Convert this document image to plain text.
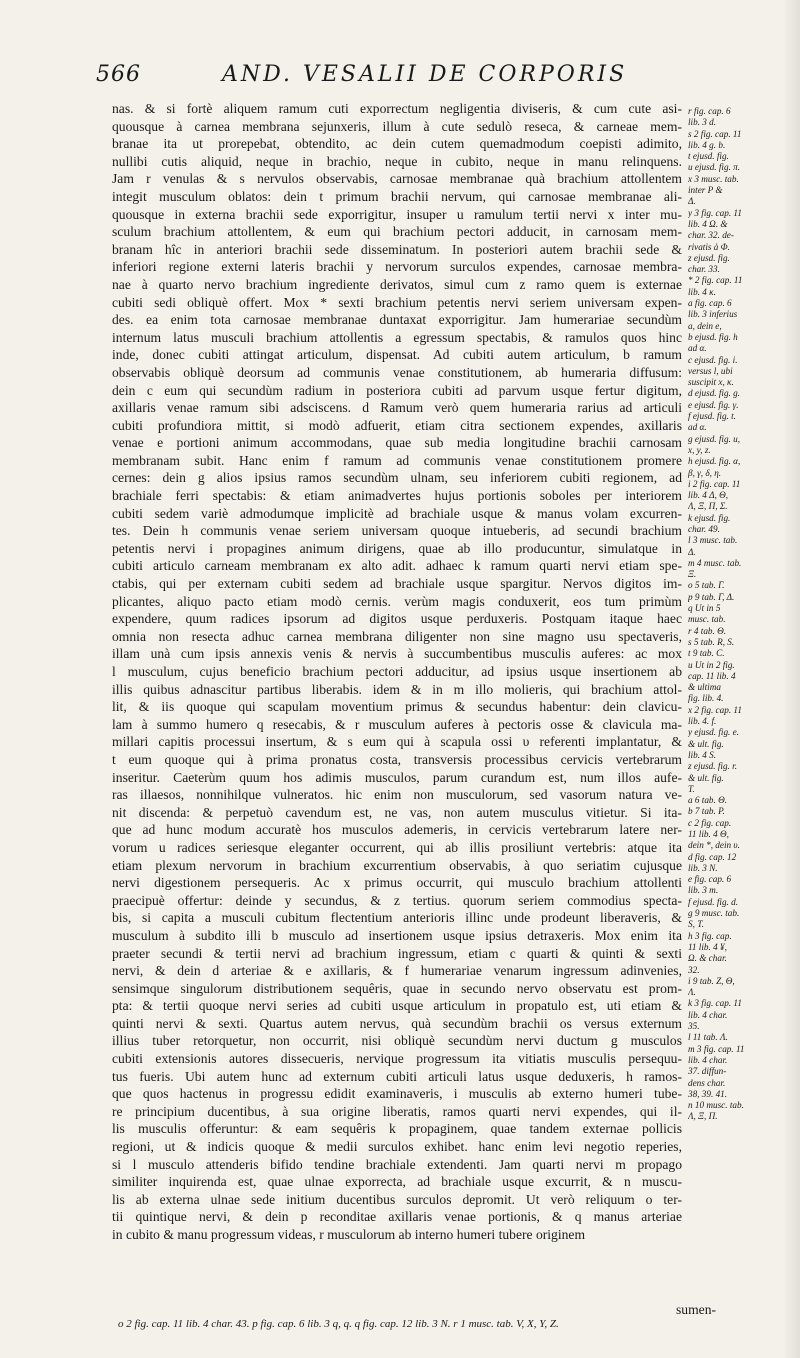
566	AND. VESALII DE CORPORIS
nas. & si fortè aliquem ramum cuti exporrectum negligentia diviseris, & cum cute asi-
quousque à carnea membrana sejunxeris, illum à cute sedulò reseca, & carneae mem-
branae ita ut prorepebat, obtendito, ac dein cutem quemadmodum coepisti adimito,
nullibi cutis aliquid, neque in brachio, neque in cubito, neque in manu relinquens.
Jam r venulas & s nervulos observabis, carnosae membranae quà brachium attollentem
integit musculum oblatos: dein t primum brachii nervum, qui carnosae membranae ali-
quousque in externa brachii sede exporrigitur, insuper u ramulum tertii nervi x inter mu-
sculum brachium attollentem, & eum qui brachium pectori adducit, in carnosam mem-
branam hîc in anteriori brachii sede disseminatum. In posteriori autem brachii sede &
inferiori regione externi lateris brachii y nervorum surculos expendes, carnosae membra-
nae à quarto nervo brachium ingrediente derivatos, simul cum z ramo quem is externae
cubiti sedi obliquè offert. Mox * sexti brachium petentis nervi seriem universam expen-
des. ea enim tota carnosae membranae duntaxat exporrigitur. Jam humerariae secundùm
internum latus musculi brachium attollentis a egressum spectabis, & ramulos quos hinc
inde, donec cubiti attingat articulum, dispensat. Ad cubiti autem articulum, b ramum
observabis obliquè deorsum ad communis venae constitutionem, ab humeraria diffusum:
dein c eum qui secundùm radium in posteriora cubiti ad parvum usque fertur digitum,
axillaris venae ramum sibi adsciscens. d Ramum verò quem humeraria rarius ad articuli
cubiti profundiora mittit, si modò adfuerit, etiam citra sectionem expendes, axillaris
venae e portioni animum accommodans, quae sub media longitudine brachii carnosam
membranam subit. Hanc enim f ramum ad communis venae constitutionem promere
cernes: dein g alios ipsius ramos secundùm ulnam, seu inferiorem cubiti regionem, ad
brachiale ferri spectabis: & etiam animadvertes hujus portionis soboles per interiorem
cubiti sedem variè admodumque implicitè ad brachiale usque & manus volam excurren-
tes. Dein h communis venae seriem universam quoque intueberis, ad secundi brachium
petentis nervi i propagines animum dirigens, quae ab illo producuntur, simulatque in
cubiti articulo carneam membranam ex alto adit. adhaec k ramum quarti nervi etiam spe-
ctabis, qui per externam cubiti sedem ad brachiale usque spargitur. Nervos digitos im-
plicantes, aliquo pacto etiam modò cernis. verùm magis conduxerit, eos tum primùm
expendere, quum radices ipsorum ad digitos usque perduxeris. Postquam itaque haec
omnia non resecta adhuc carnea membrana diligenter non sine magno usu spectaveris,
illam unà cum ipsis annexis venis & nervis à succumbentibus musculis auferes: ac mox
l musculum, cujus beneficio brachium pectori adducitur, ad ipsius usque insertionem ab
illis quibus adnascitur partibus liberabis. idem & in m illo molieris, qui brachium attol-
lit, & iis quoque qui scapulam moventium primus & secundus habentur: dein clavicu-
lam à summo humero q resecabis, & r musculum auferes à pectoris osse & clavicula ma-
millari capitis processui insertum, & s eum qui à scapula ossi υ referenti implantatur, &
t eum quoque qui à prima pronatus costa, transversis processibus cervicis vertebrarum
inseritur. Caeterùm quum hos adimis musculos, parum curandum est, num illos aufe-
ras illaesos, nonnihilque vulneratos. hic enim non musculorum, sed vasorum natura ve-
nit discenda: & perpetuò cavendum est, ne vas, non autem musculus vitietur. Si ita-
que ad hunc modum accuratè hos musculos ademeris, in cervicis vertebrarum latere ner-
vorum u radices seriesque eleganter occurrent, qui ab illis prosiliunt vertebris: atque ita
etiam plexum nervorum in brachium excurrentium observabis, à quo seriatim cujusque
nervi digestionem persequeris. Ac x primus occurrit, qui musculo brachium attollenti
praecipuè offertur: deinde y secundus, & z tertius. quorum seriem commodius specta-
bis, si capita a musculi cubitum flectentium anterioris illinc unde prodeunt liberaveris, &
musculum à subdito illi b musculo ad insertionem usque ipsius detraxeris. Mox enim ita
praeter secundi & tertii nervi ad brachium ingressum, etiam c quarti & quinti & sexti
nervi, & dein d arteriae & e axillaris, & f humerariae venarum ingressum adinvenies,
sensimque singulorum distributionem sequêris, quae in secundo nervo observatu est prom-
pta: & tertii quoque nervi series ad cubiti usque articulum in propatulo est, uti etiam &
quinti nervi & sexti. Quartus autem nervus, quà secundùm brachii os versus externum
illius tuber retorquetur, non occurrit, nisi obliquè secundùm nervi ductum g musculos
cubiti extensionis autores dissecueris, nervique progressum ita vitiatis musculis persequu-
tus fueris. Ubi autem hunc ad externum cubiti articuli latus usque deduxeris, h ramos-
que quos hactenus in progressu edidit examinaveris, i musculis ab externo humeri tube-
re principium ducentibus, à sua origine liberatis, ramos quarti nervi expendes, qui il-
lis musculis offeruntur: & eam sequêris k propaginem, quae tandem externae pollicis
regioni, ut & indicis quoque & medii surculos exhibet. hanc enim levi negotio reperies,
si l musculo attenderis bifido tendine brachiale extendenti. Jam quarti nervi m propago
similiter inquirenda est, quae ulnae exporrecta, ad brachiale usque excurrit, & n muscu-
lis ab externa ulnae sede initium ducentibus surculos depromit. Ut verò reliquum o ter-
tii quintique nervi, & dein p reconditae axillaris venae portionis, & q manus arteriae
in cubito & manu progressum videas, r musculorum ab interno humeri tubere originem
r fig. cap. 6
lib. 3 d.
s 2 fig. cap. 11
lib. 4 g. b.
t ejusd. fig.
u ejusd. fig. π.
x 3 musc. tab.
inter P &
Δ.
y 3 fig. cap. 11
lib. 4 Ω. &
char. 32. de-
rivatis à Φ.
z ejusd. fig.
char. 33.
* 2 fig. cap. 11
lib. 4 κ.
a fig. cap. 6
lib. 3 inferius
a, dein e,
b ejusd. fig. h
ad α.
c ejusd. fig. i.
versus l, ubi
suscipit x, κ.
d ejusd. fig. g.
e ejusd. fig. γ.
f ejusd. fig. t.
ad α.
g ejusd. fig. u,
x, y, z.
h ejusd. fig. α,
β, γ, δ, η.
i 2 fig. cap. 11
lib. 4 Δ, Θ,
Λ, Ξ, Π, Σ.
k ejusd. fig.
char. 49.
l 3 musc. tab.
Δ.
m 4 musc. tab.
Ξ.
o 5 tab. Γ.
p 9 tab. Γ, Δ.
q Ut in 5
musc. tab.
r 4 tab. Θ.
s 5 tab. R, S.
t 9 tab. C.
u Ut in 2 fig.
cap. 11 lib. 4
& ultima
fig. lib. 4.
x 2 fig. cap. 11
lib. 4. f.
y ejusd. fig. e.
& ult. fig.
lib. 4 S.
z ejusd. fig. r.
& ult. fig.
T.
a 6 tab. Θ.
b 7 tab. P.
c 2 fig. cap.
11 lib. 4 Θ,
dein *, dein υ.
d fig. cap. 12
lib. 3 N.
e fig. cap. 6
lib. 3 m.
f ejusd. fig. d.
g 9 musc. tab.
S, T.
h 3 fig. cap.
11 lib. 4 ¥,
Ω. & char.
32.
i 9 tab. Z, Θ,
Λ.
k 3 fig. cap. 11
lib. 4 char.
35.
l 11 tab. Λ.
m 3 fig. cap. 11
lib. 4 char.
37. diffun-
dens char.
38, 39. 41.
n 10 musc. tab.
Λ, Ξ, Π.
sumen-
o 2 fig. cap. 11 lib. 4 char. 43. p fig. cap. 6 lib. 3 q, q. q fig. cap. 12 lib. 3 N. r 1 musc. tab. V, X, Y, Z.
